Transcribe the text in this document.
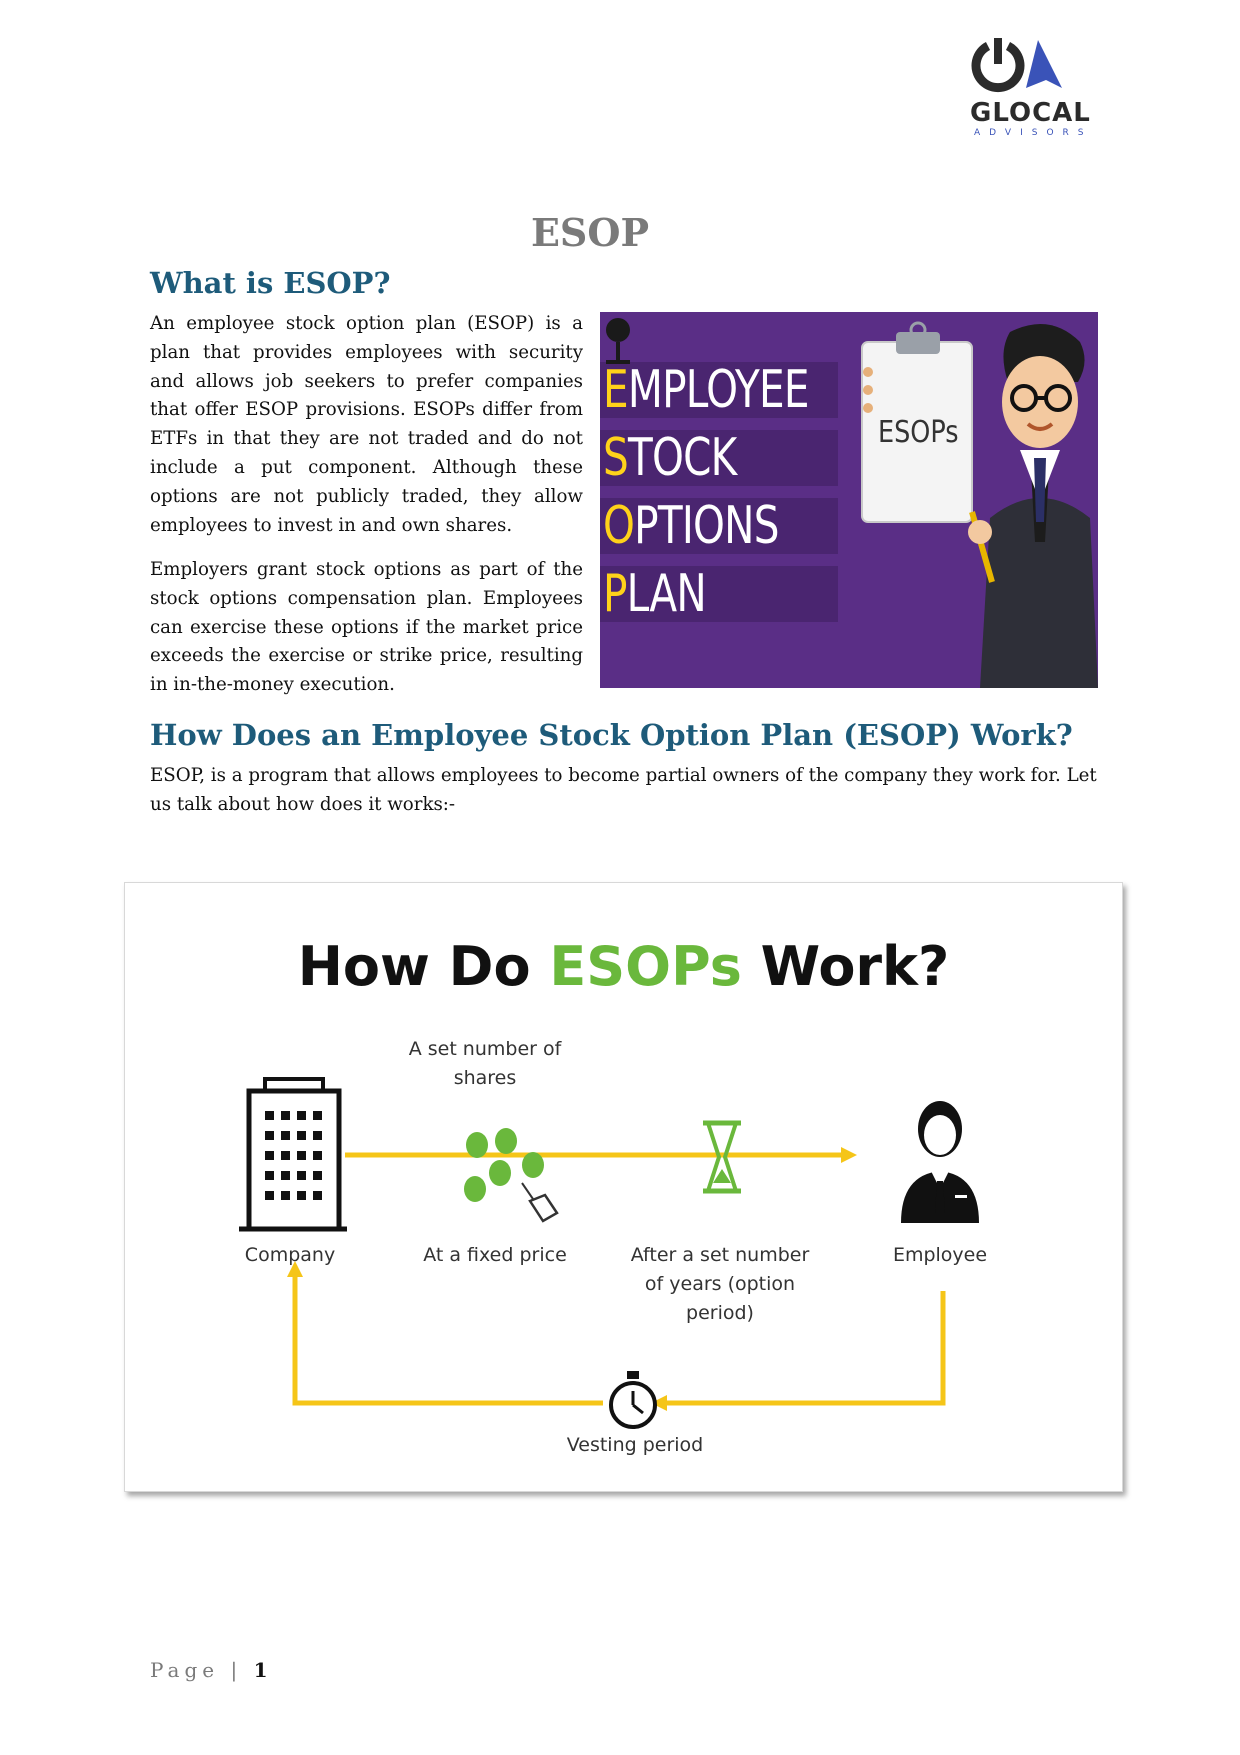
GLOCAL
ADVISORS
ESOP
What is ESOP?

An employee stock option plan (ESOP) is a plan that provides employees with security and allows job seekers to prefer companies that offer ESOP provisions. ESOPs differ from ETFs in that they are not traded and do not include a put component. Although these options are not publicly traded, they allow employees to invest in and own shares.

Employers grant stock options as part of the stock options compensation plan. Employees can exercise these options if the market price exceeds the exercise or strike price, resulting in in-the-money execution.

EMPLOYEE
STOCK
OPTIONS
PLAN
ESOPs
How Does an Employee Stock Option Plan (ESOP) Work?

ESOP, is a program that allows employees to become partial owners of the company they work for. Let us talk about how does it works:-

How Do ESOPs Work?
A set number of shares
Company	At a fixed price	After a set number of years (option period)
Employee
Vesting period
Page | 1
